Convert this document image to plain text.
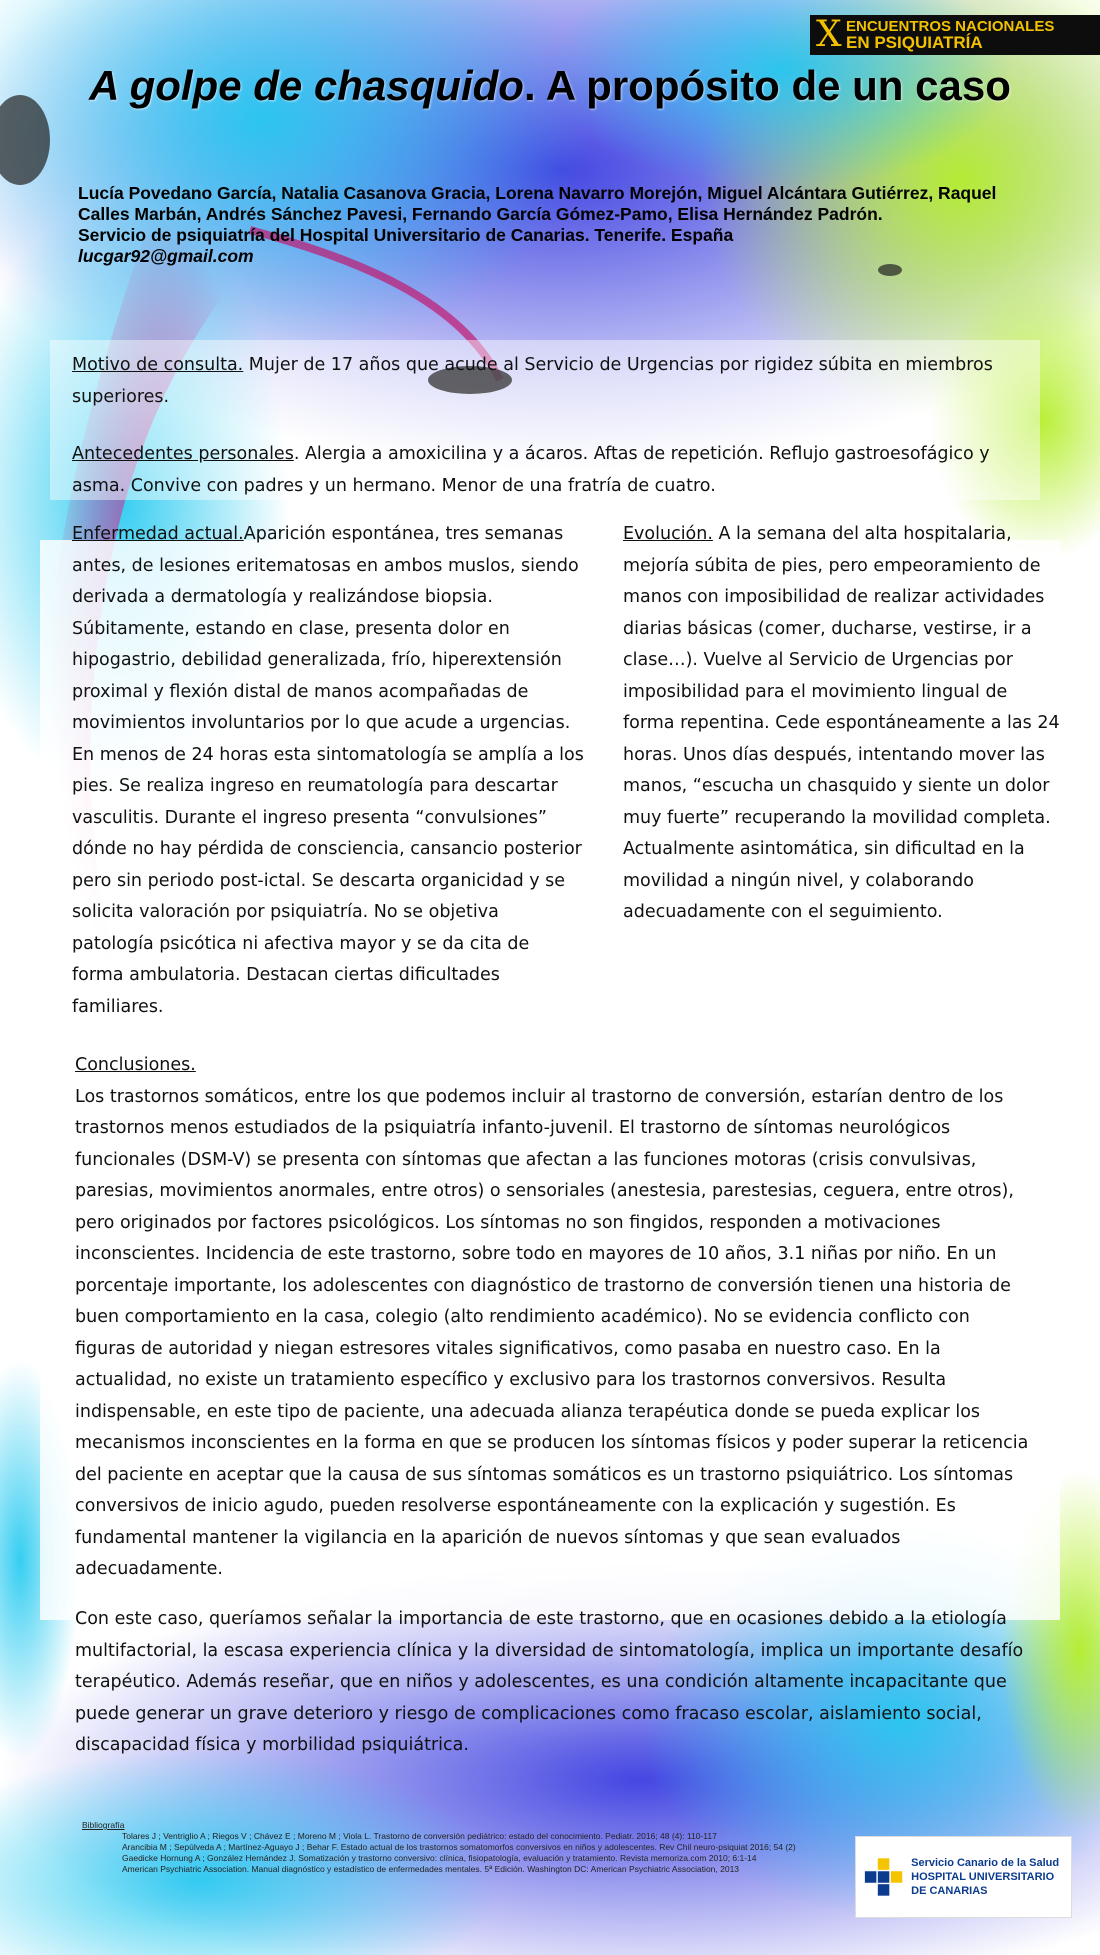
X ENCUENTROS NACIONALES
EN PSIQUIATRÍA
A golpe de chasquido. A propósito de un caso
Lucía Povedano García, Natalia Casanova Gracia, Lorena Navarro Morejón, Miguel Alcántara Gutiérrez, Raquel Calles Marbán, Andrés Sánchez Pavesi, Fernando García Gómez-Pamo, Elisa Hernández Padrón.
Servicio de psiquiatría del Hospital Universitario de Canarias. Tenerife. España
lucgar92@gmail.com
Motivo de consulta. Mujer de 17 años que acude al Servicio de Urgencias por rigidez súbita en miembros superiores.
Antecedentes personales. Alergia a amoxicilina y a ácaros. Aftas de repetición. Reflujo gastroesofágico y asma. Convive con padres y un hermano. Menor de una fratría de cuatro.
Enfermedad actual.Aparición espontánea, tres semanas antes, de lesiones eritematosas en ambos muslos, siendo derivada a dermatología y realizándose biopsia. Súbitamente, estando en clase, presenta dolor en hipogastrio, debilidad generalizada, frío, hiperextensión proximal y flexión distal de manos acompañadas de movimientos involuntarios por lo que acude a urgencias. En menos de 24 horas esta sintomatología se amplía a los pies. Se realiza ingreso en reumatología para descartar vasculitis. Durante el ingreso presenta “convulsiones” dónde no hay pérdida de consciencia, cansancio posterior pero sin periodo post-ictal. Se descarta organicidad y se solicita valoración por psiquiatría. No se objetiva patología psicótica ni afectiva mayor y se da cita de forma ambulatoria. Destacan ciertas dificultades familiares.
Evolución. A la semana del alta hospitalaria, mejoría súbita de pies, pero empeoramiento de manos con imposibilidad de realizar actividades diarias básicas (comer, ducharse, vestirse, ir a clase…). Vuelve al Servicio de Urgencias por imposibilidad para el movimiento lingual de forma repentina. Cede espontáneamente a las 24 horas. Unos días después, intentando mover las manos, “escucha un chasquido y siente un dolor muy fuerte” recuperando la movilidad completa. Actualmente asintomática, sin dificultad en la movilidad a ningún nivel, y colaborando adecuadamente con el seguimiento.
Conclusiones.
Los trastornos somáticos, entre los que podemos incluir al trastorno de conversión, estarían dentro de los trastornos menos estudiados de la psiquiatría infanto-juvenil. El trastorno de síntomas neurológicos funcionales (DSM-V) se presenta con síntomas que afectan a las funciones motoras (crisis convulsivas, paresias, movimientos anormales, entre otros) o sensoriales (anestesia, parestesias, ceguera, entre otros), pero originados por factores psicológicos. Los síntomas no son fingidos, responden a motivaciones inconscientes. Incidencia de este trastorno, sobre todo en mayores de 10 años, 3.1 niñas por niño. En un porcentaje importante, los adolescentes con diagnóstico de trastorno de conversión tienen una historia de buen comportamiento en la casa, colegio (alto rendimiento académico). No se evidencia conflicto con figuras de autoridad y niegan estresores vitales significativos, como pasaba en nuestro caso. En la actualidad, no existe un tratamiento específico y exclusivo para los trastornos conversivos. Resulta indispensable, en este tipo de paciente, una adecuada alianza terapéutica donde se pueda explicar los mecanismos inconscientes en la forma en que se producen los síntomas físicos y poder superar la reticencia del paciente en aceptar que la causa de sus síntomas somáticos es un trastorno psiquiátrico. Los síntomas conversivos de inicio agudo, pueden resolverse espontáneamente con la explicación y sugestión. Es fundamental mantener la vigilancia en la aparición de nuevos síntomas y que sean evaluados adecuadamente.
Con este caso, queríamos señalar la importancia de este trastorno, que en ocasiones debido a la etiología multifactorial, la escasa experiencia clínica y la diversidad de sintomatología, implica un importante desafío terapéutico. Además reseñar, que en niños y adolescentes, es una condición altamente incapacitante que puede generar un grave deterioro y riesgo de complicaciones como fracaso escolar, aislamiento social, discapacidad física y morbilidad psiquiátrica.
Bibliografía
Tolares J ; Ventriglio A ; Riegos V ; Chávez E ; Moreno M ; Viola L. Trastorno de conversión pediátrico: estado del conocimiento. Pediatr. 2016; 48 (4): 110-117
Arancibia M ; Sepúlveda A ; Martínez-Aguayo J ; Behar F. Estado actual de los trastornos somatomorfos conversivos en niños y adolescentes. Rev Chil neuro-psiquiat 2016; 54 (2)
Gaedicke Hornung A ; González Hernández J. Somatización y trastorno conversivo: clínica, fisiopatología, evaluación y tratamiento. Revista memoriza.com 2010; 6:1-14
American Psychiatric Association. Manual diagnóstico y estadístico de enfermedades mentales. 5ª Edición. Washington DC: American Psychiatric Association, 2013	Servicio Canario de la Salud
HOSPITAL UNIVERSITARIO DE CANARIAS
